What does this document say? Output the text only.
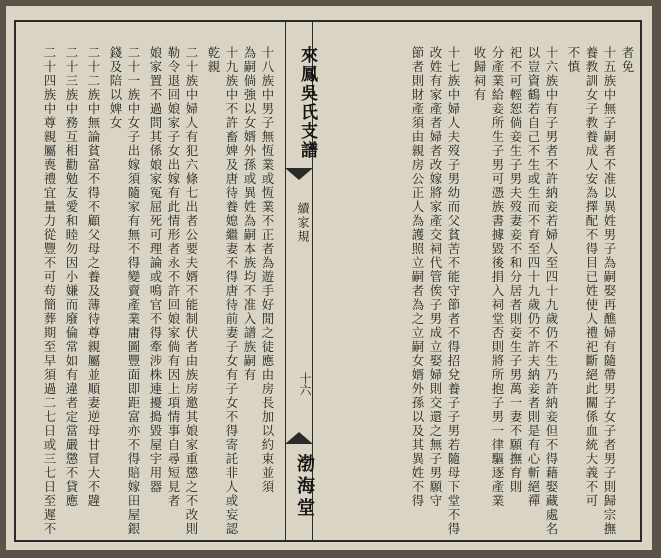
者免
十五族中無子嗣者不准以異姓男子為嗣娶再醮婦有隨帶男子女子者男子則歸宗撫
養教訓女子教養成人安為擇配不得目已姓使人禮祀斷絕此關係血統大義不可
不慎
十六族中有子男者不許納妾若婦人至四十九歲仍不生乃許納妾但不得藉娶藏處名
以豈資鶴若自己不生或生而不育至四十九歲仍不許夫納妾者則是有心斬絕禪
祀不可輕恕倘妾生子男夫歿妻妾不和分居者則妾生子男萬一妻不願撫育則
分產業給妾所生子男可憑族書據毀後捐入祠堂否則將所抱子男一律驅逐產業
收歸祠有
十七族中婦人夫歿子男幼而父貧苦不能守節者不得招兌養子子男若隨母下堂不得
改姓有家產者婦者改嫁將家產交祠代管俟子男成立娶婦則交還之無子男願守
節者則財產須由親房公正人為護照立嗣者為之立嗣女婿外孫以及其異姓不得
來鳳吳氏支譜
續家規
十六
渤海堂
十八族中男子無恆業或恆業不正者為遊手好閒之徒應由房長加以約束並須
為嗣倘強以女婿外孫或異姓為嗣本族均不准入譜族嗣有
十九族中不許畜婢及唐待養媳繼妻不得唐待前妻子女有子女不得寄託非人或妄認
乾親
二十族中婦人有犯六條七出者公要夫婿不能制伏者由族房邀其娘家重懲之不改則
勒令退回娘家子女出嫁有此情形者永不許回娘家倘有因上項情事自尋短見者
娘家置不過問其係娘家冤屈死可理論或鳴官不得牽涉株連擾搗毀屋宇用器
二十一族中女子出嫁須隨家有無不得變賣產業庸圖豐面即距富亦不得賠嫁田屋銀
錢及陪以婢女
二十二族中無論貧富不得不顧父母之養及薄待尊親屬並順妻逆母甘冒大不韙
二十三族中務互相勸勉友愛和睦勿因小嫌而廢倫常如有違者定當嚴懲不貸應
二十四族中尊親屬喪禮宜量力從豐不可苟簡葬期至早須過二七日或三七日至遲不
